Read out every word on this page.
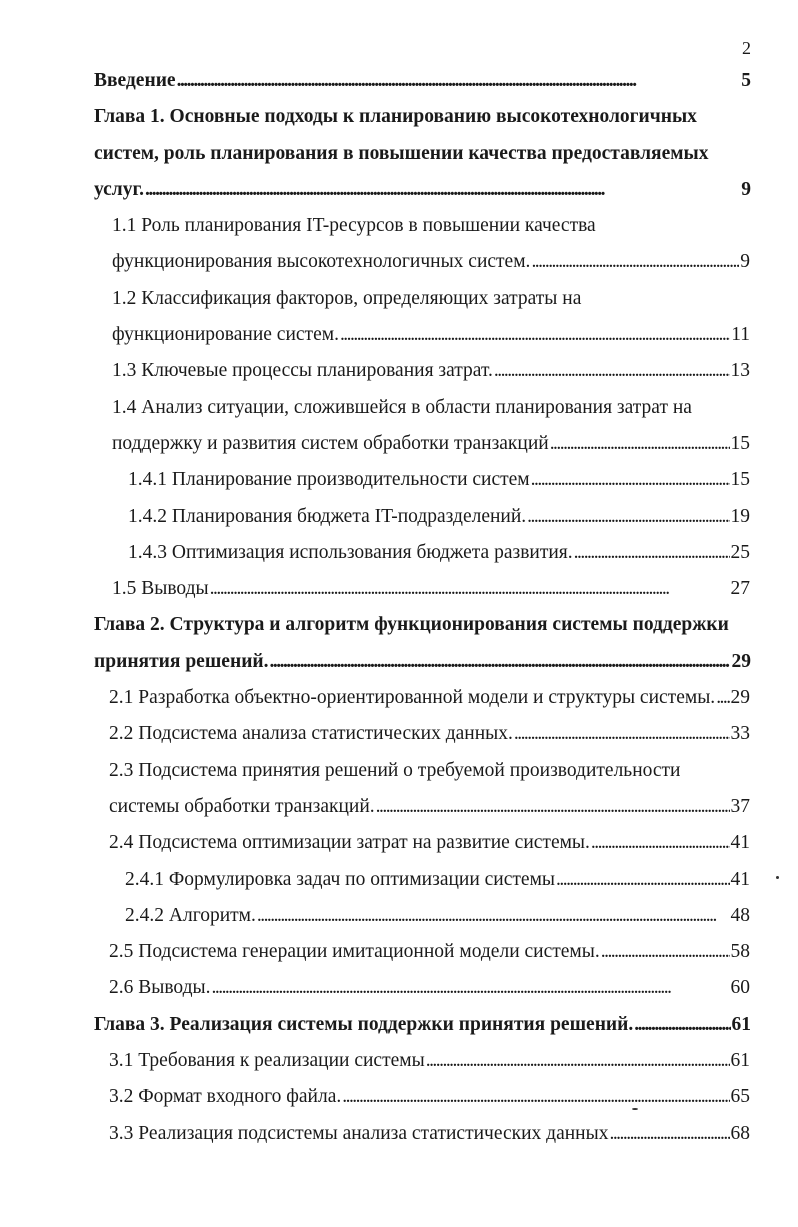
2
Введение . . .	5
Глава 1. Основные подходы к планированию высокотехнологичных
систем, роль планирования в повышении качества предоставляемых
услуг. . . .	9
1.1 Роль планирования IT-ресурсов в повышении качества
функционирования высокотехнологичных систем. . . .	9
1.2 Классификация факторов, определяющих затраты на
функционирование систем. . . .	11
1.3 Ключевые процессы планирования затрат. . . .	13
1.4 Анализ ситуации, сложившейся в области планирования затрат на
поддержку и развития систем обработки транзакций . . .	15
1.4.1 Планирование производительности систем . . .	15
1.4.2 Планирования бюджета IT-подразделений. . . .	19
1.4.3 Оптимизация использования бюджета развития. . . .	25
1.5 Выводы . . .	27
Глава 2. Структура и алгоритм функционирования системы поддержки
принятия решений. . . .	29
2.1 Разработка объектно-ориентированной модели и структуры системы. . . . 29
2.2 Подсистема анализа статистических данных. . . .	33
2.3 Подсистема принятия решений о требуемой производительности
системы обработки транзакций. . . .	37
2.4 Подсистема оптимизации затрат на развитие системы. . . .	41
2.4.1 Формулировка задач по оптимизации системы . . .	41
2.4.2 Алгоритм. . . .	48
2.5 Подсистема генерации имитационной модели системы. . . .	58
2.6 Выводы. . . .	60
Глава 3. Реализация системы поддержки принятия решений. . . .	61
3.1 Требования к реализации системы . . .	61
3.2 Формат входного файла. . . .	65
3.3 Реализация подсистемы анализа статистических данных . . .	68
